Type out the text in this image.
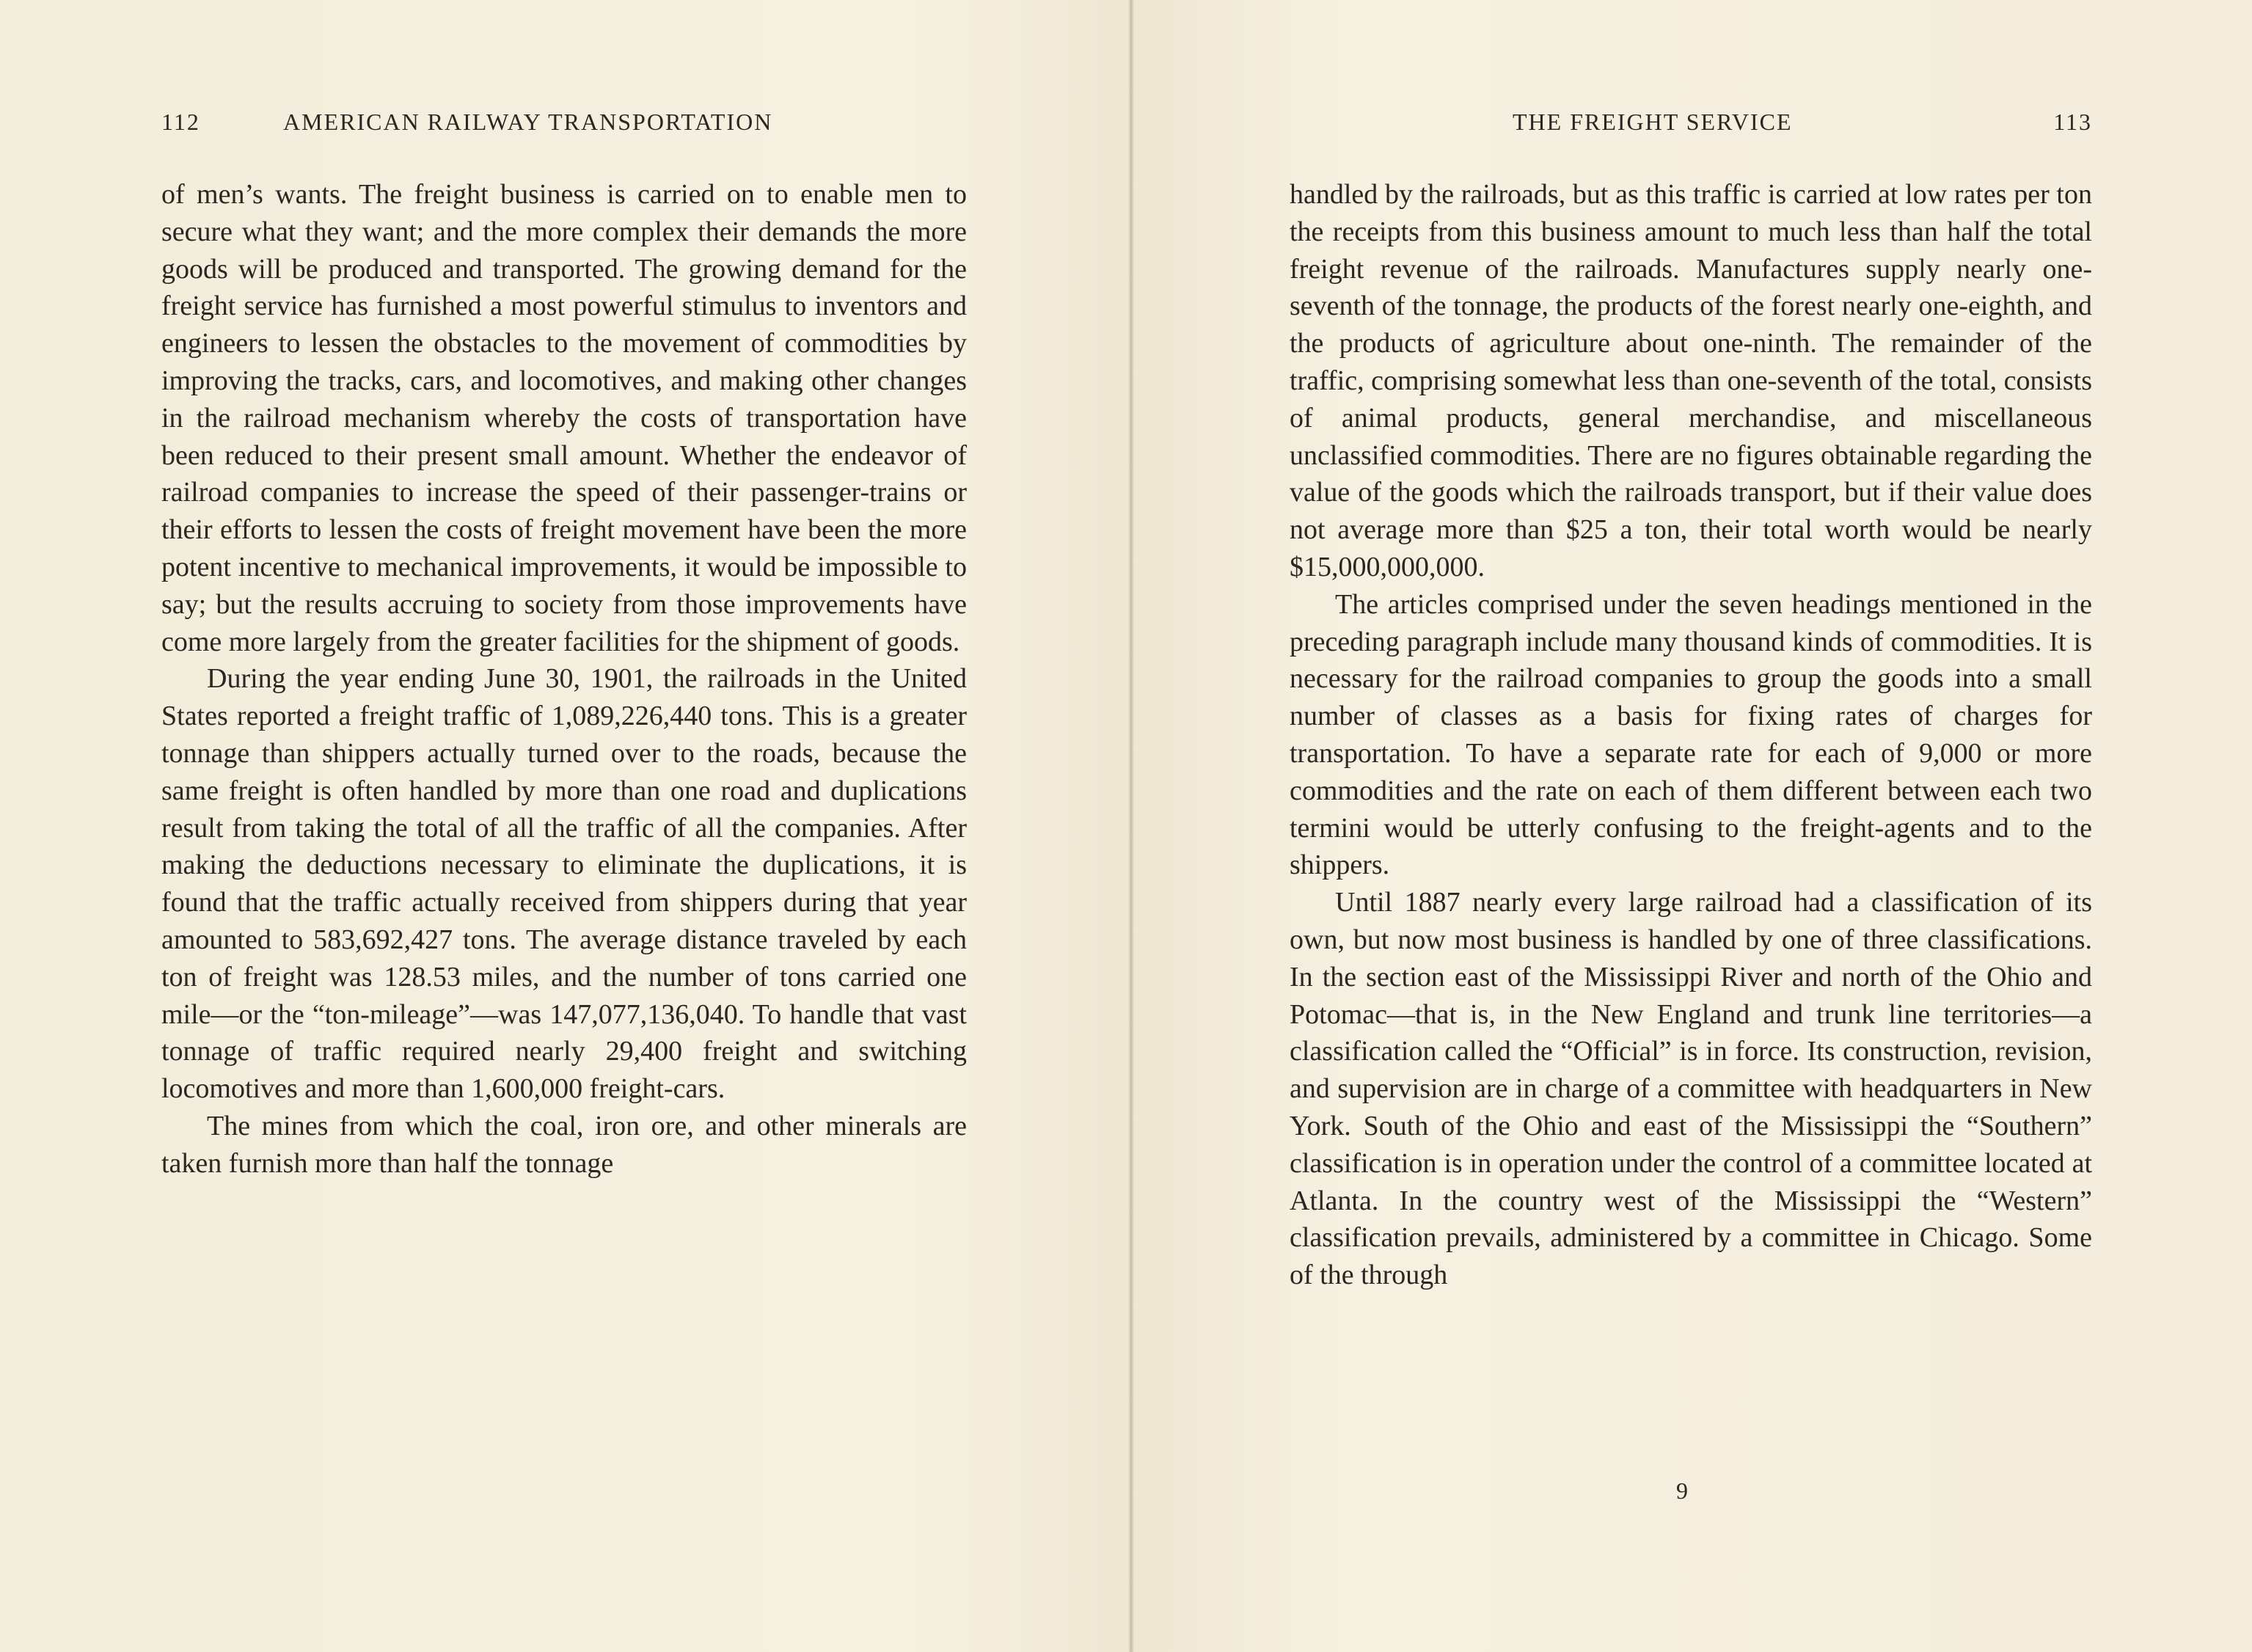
112	AMERICAN RAILWAY TRANSPORTATION

of men’s wants. The freight business is carried on to enable men to secure what they want; and the more complex their demands the more goods will be produced and transported. The growing demand for the freight service has furnished a most powerful stimulus to inventors and engineers to lessen the obstacles to the movement of commodities by improving the tracks, cars, and locomotives, and making other changes in the railroad mechanism whereby the costs of transportation have been reduced to their present small amount. Whether the endeavor of railroad companies to increase the speed of their passenger-trains or their efforts to lessen the costs of freight movement have been the more potent incentive to mechanical improvements, it would be impossible to say; but the results accruing to society from those improvements have come more largely from the greater facilities for the shipment of goods.

During the year ending June 30, 1901, the railroads in the United States reported a freight traffic of 1,089,226,440 tons. This is a greater tonnage than shippers actually turned over to the roads, because the same freight is often handled by more than one road and duplications result from taking the total of all the traffic of all the companies. After making the deductions necessary to eliminate the duplications, it is found that the traffic actually received from shippers during that year amounted to 583,692,427 tons. The average distance traveled by each ton of freight was 128.53 miles, and the number of tons carried one mile—or the “ton-mileage”—was 147,077,136,040. To handle that vast tonnage of traffic required nearly 29,400 freight and switching locomotives and more than 1,600,000 freight-cars.

The mines from which the coal, iron ore, and other minerals are taken furnish more than half the tonnage

THE FREIGHT SERVICE	113

handled by the railroads, but as this traffic is carried at low rates per ton the receipts from this business amount to much less than half the total freight revenue of the railroads. Manufactures supply nearly one-seventh of the tonnage, the products of the forest nearly one-eighth, and the products of agriculture about one-ninth. The remainder of the traffic, comprising somewhat less than one-seventh of the total, consists of animal products, general merchandise, and miscellaneous unclassified commodities. There are no figures obtainable regarding the value of the goods which the railroads transport, but if their value does not average more than $25 a ton, their total worth would be nearly $15,000,000,000.

The articles comprised under the seven headings mentioned in the preceding paragraph include many thousand kinds of commodities. It is necessary for the railroad companies to group the goods into a small number of classes as a basis for fixing rates of charges for transportation. To have a separate rate for each of 9,000 or more commodities and the rate on each of them different between each two termini would be utterly confusing to the freight-agents and to the shippers.

Until 1887 nearly every large railroad had a classification of its own, but now most business is handled by one of three classifications. In the section east of the Mississippi River and north of the Ohio and Potomac—that is, in the New England and trunk line territories—a classification called the “Official” is in force. Its construction, revision, and supervision are in charge of a committee with headquarters in New York. South of the Ohio and east of the Mississippi the “Southern” classification is in operation under the control of a committee located at Atlanta. In the country west of the Mississippi the “Western” classification prevails, administered by a committee in Chicago. Some of the through

9
